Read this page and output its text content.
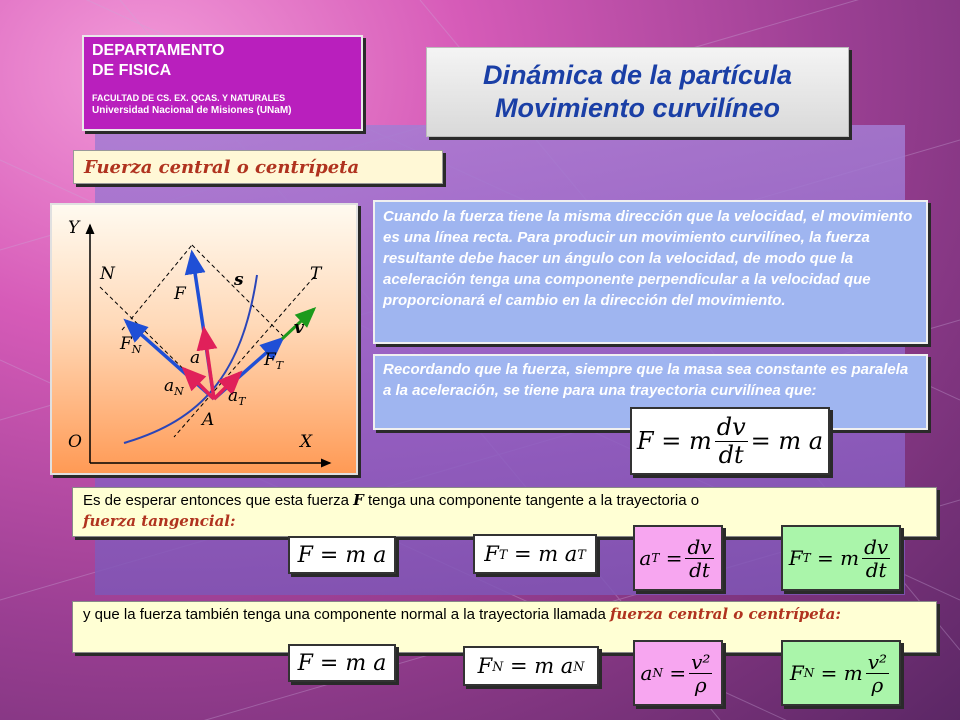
DEPARTAMENTO
DE FISICA
FACULTAD DE CS. EX. QCAS. Y NATURALES
Universidad Nacional de Misiones (UNaM)
Dinámica de la partícula
Movimiento curvilíneo
Fuerza central o centrípeta
Y
X
O
N	T
s
F
v
A
$F_N$
$F_T$
a
$a_N$	$a_T$
Cuando la fuerza tiene la misma dirección que la velocidad, el movimiento es una línea recta. Para producir un movimiento curvilíneo, la fuerza resultante debe hacer un ángulo con la velocidad, de modo que la aceleración tenga una componente perpendicular a la velocidad que proporcionará el cambio en la dirección del movimiento.
Recordando que la fuerza, siempre que la masa sea constante es paralela a la aceleración, se tiene para una trayectoria curvilínea que:
F = m $\frac{dv}{dt} = m$ a
Es de esperar entonces que esta fuerza F tenga una componente tangente a la trayectoria o
fuerza tangencial:
F = m a	F T
= m a T	a T
= $\frac{dv}{dt}$	F T
= m $\frac{dv}{dt}$
y que la fuerza también tenga una componente normal a la trayectoria llamada fuerza central o centrípeta:
F = m a	F N
= m a N	a N
= $\frac{\text{v²}}{\rho}$	F N
= m $\frac{\text{v²}}{\rho}$
